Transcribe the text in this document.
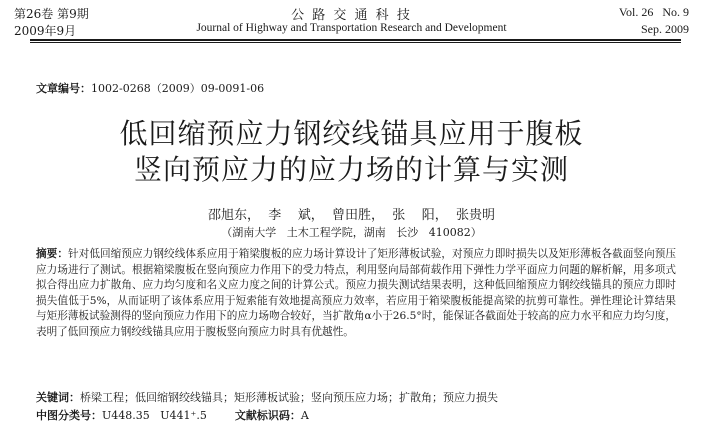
第26卷 第9期
2009年9月
公 路 交 通 科 技
Journal of Highway and Transportation Research and Development
Vol. 26   No. 9
Sep. 2009
文章编号：1002-0268（2009）09-0091-06
低回缩预应力钢绞线锚具应用于腹板
竖向预应力的应力场的计算与实测
邵旭东，  李    斌，  曾田胜，  张    阳，  张贵明
（湖南大学   土木工程学院，湖南   长沙   410082）

摘要：针对低回缩预应力钢绞线体系应用于箱梁腹板的应力场计算设计了矩形薄板试验，对预应力即时损失以及矩形薄板各截面竖向预压应力场进行了测试。根据箱梁腹板在竖向预应力作用下的受力特点，利用竖向局部荷载作用下弹性力学平面应力问题的解析解，用多项式拟合得出应力扩散角、应力均匀度和名义应力度之间的计算公式。预应力损失测试结果表明，这种低回缩预应力钢绞线锚具的预应力即时损失值低于5%，从而证明了该体系应用于短索能有效地提高预应力效率，若应用于箱梁腹板能提高梁的抗剪可靠性。弹性理论计算结果与矩形薄板试验测得的竖向预应力作用下的应力场吻合较好，当扩散角α小于26.5°时，能保证各截面处于较高的应力水平和应力均匀度，表明了低回预应力钢绞线锚具应用于腹板竖向预应力时具有优越性。

关键词：桥梁工程；低回缩钢绞线锚具；矩形薄板试验；竖向预压应力场；扩散角；预应力损失
中图分类号：U448.35   U441⁺.5	文献标识码：A
